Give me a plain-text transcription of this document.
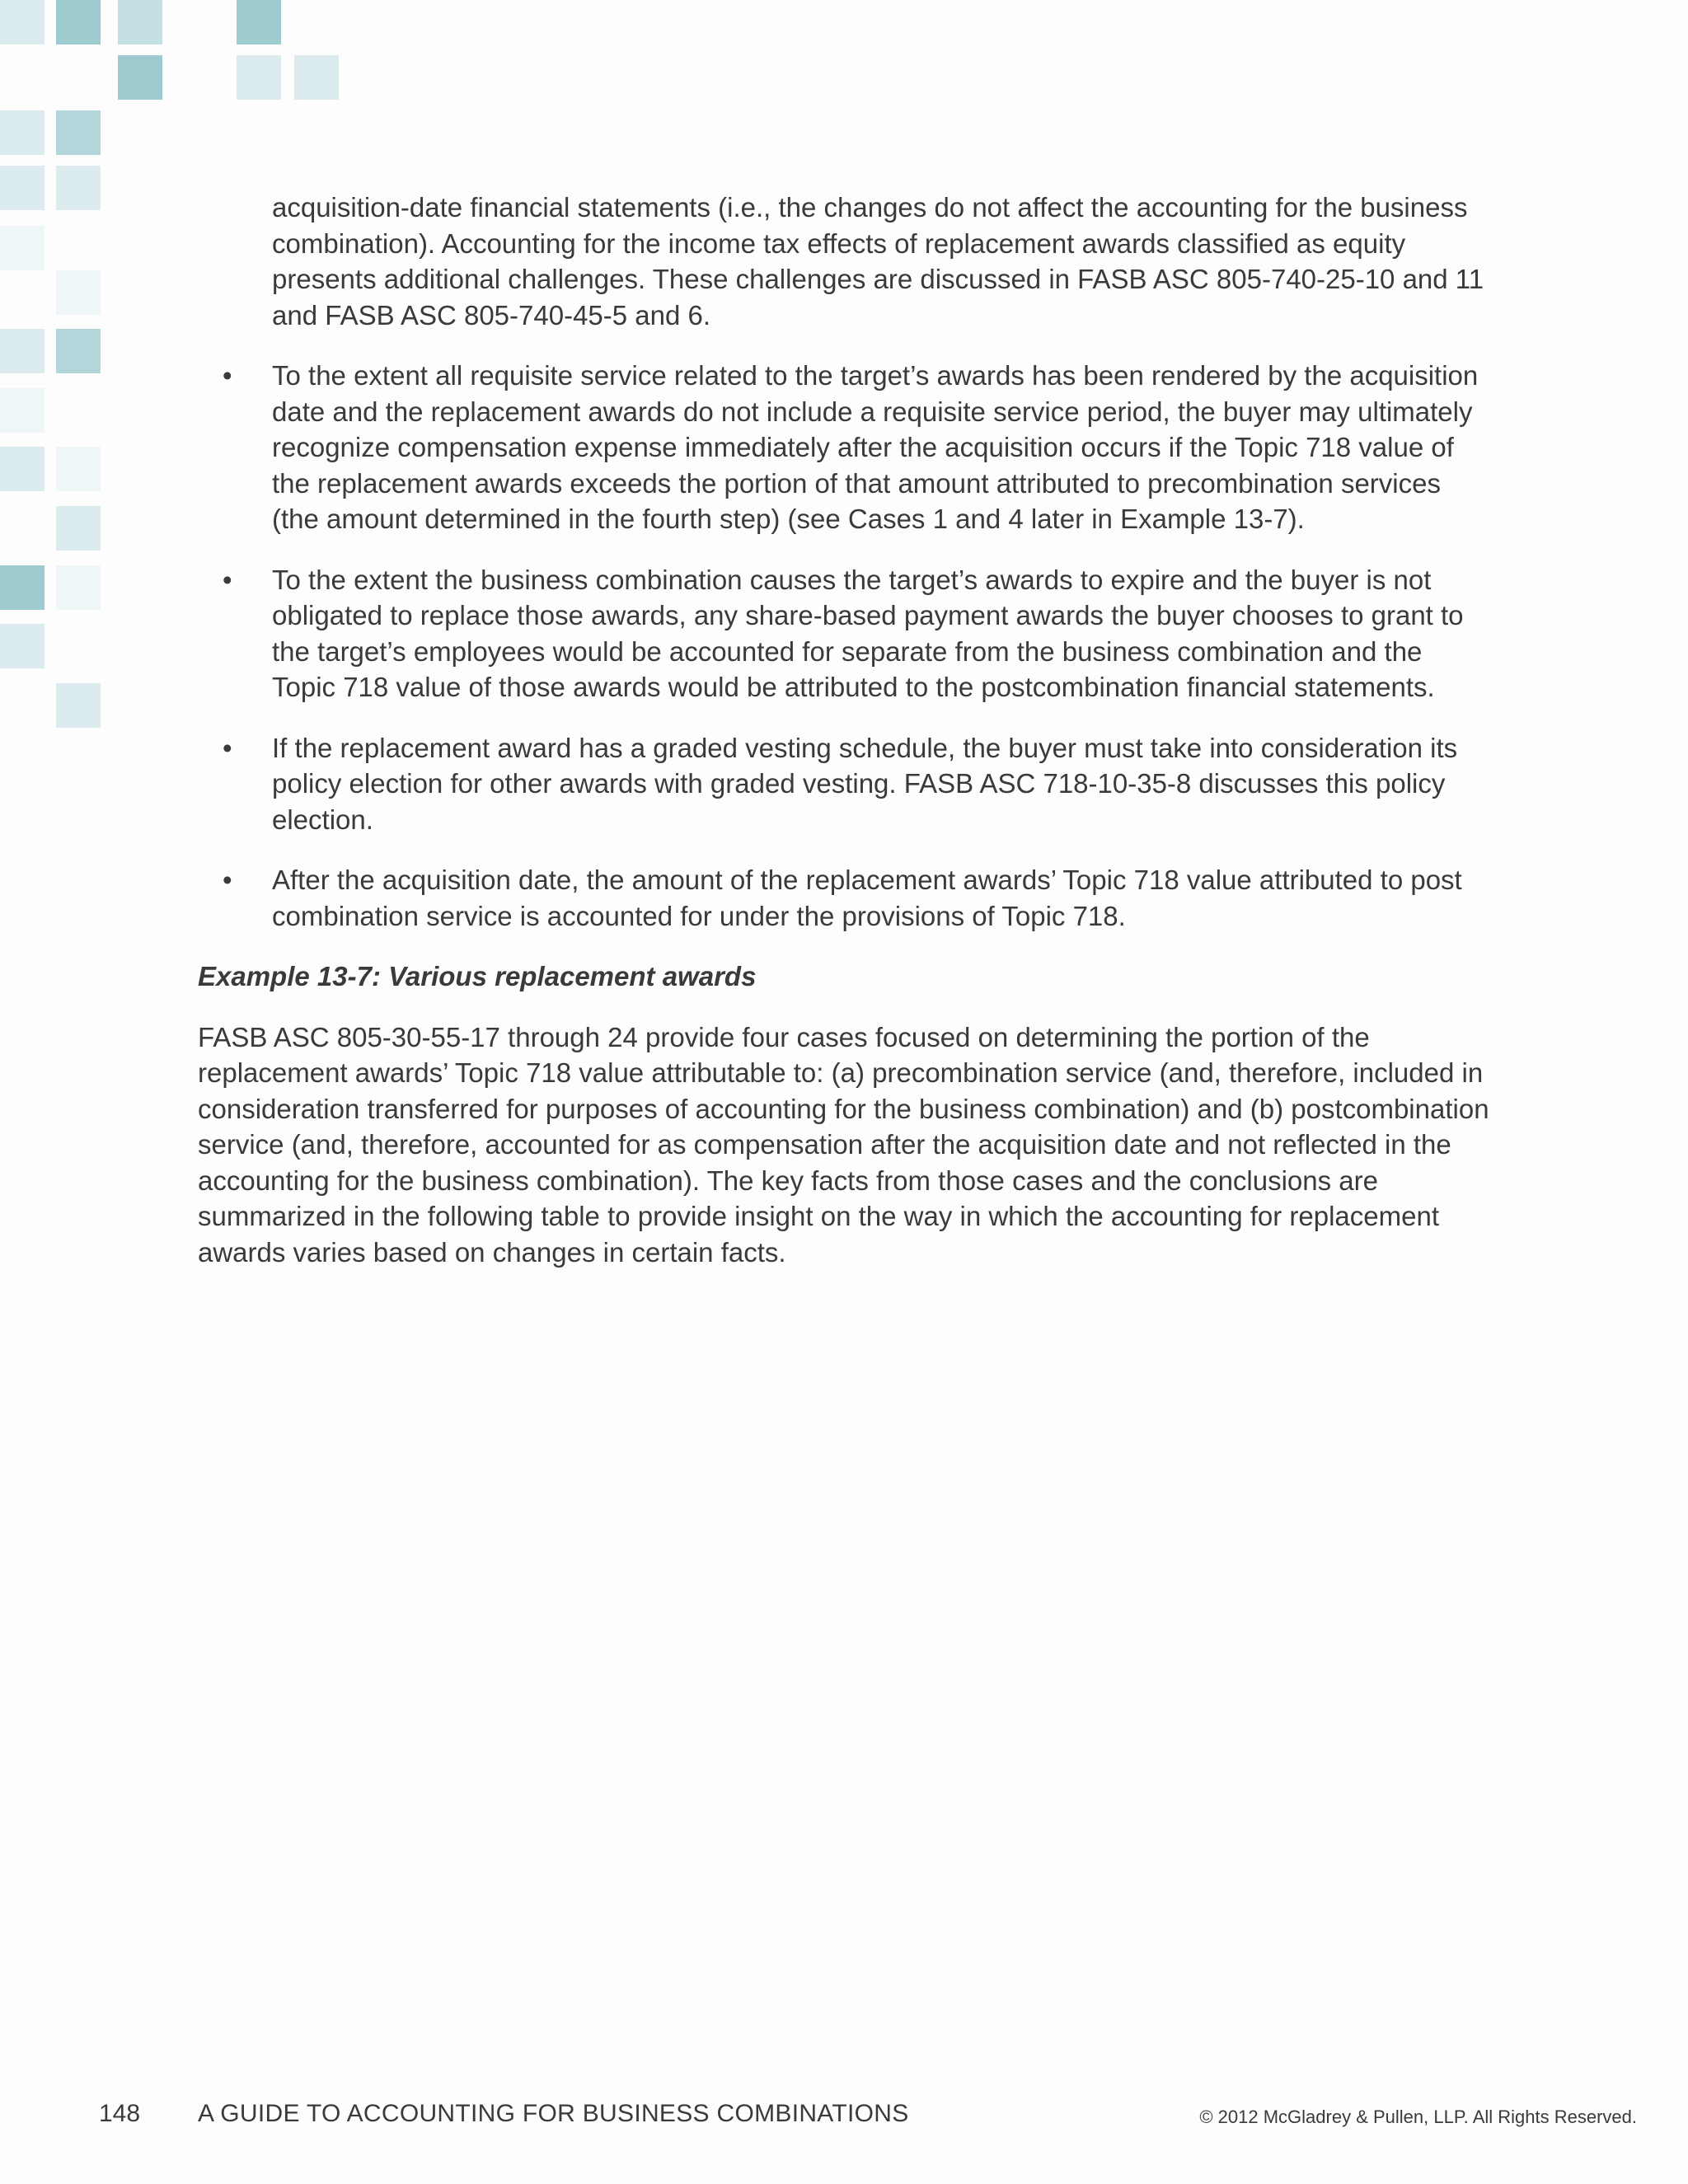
acquisition-date financial statements (i.e., the changes do not affect the accounting for the business combination). Accounting for the income tax effects of replacement awards classified as equity presents additional challenges. These challenges are discussed in FASB ASC 805-740-25-10 and 11 and FASB ASC 805-740-45-5 and 6.

• To the extent all requisite service related to the target’s awards has been rendered by the acquisition date and the replacement awards do not include a requisite service period, the buyer may ultimately recognize compensation expense immediately after the acquisition occurs if the Topic 718 value of the replacement awards exceeds the portion of that amount attributed to precombination services (the amount determined in the fourth step) (see Cases 1 and 4 later in Example 13-7).
• To the extent the business combination causes the target’s awards to expire and the buyer is not obligated to replace those awards, any share-based payment awards the buyer chooses to grant to the target’s employees would be accounted for separate from the business combination and the Topic 718 value of those awards would be attributed to the postcombination financial statements.
• If the replacement award has a graded vesting schedule, the buyer must take into consideration its policy election for other awards with graded vesting. FASB ASC 718-10-35-8 discusses this policy election.
• After the acquisition date, the amount of the replacement awards’ Topic 718 value attributed to post combination service is accounted for under the provisions of Topic 718.

Example 13-7: Various replacement awards

FASB ASC 805-30-55-17 through 24 provide four cases focused on determining the portion of the replacement awards’ Topic 718 value attributable to: (a) precombination service (and, therefore, included in consideration transferred for purposes of accounting for the business combination) and (b) postcombination service (and, therefore, accounted for as compensation after the acquisition date and not reflected in the accounting for the business combination). The key facts from those cases and the conclusions are summarized in the following table to provide insight on the way in which the accounting for replacement awards varies based on changes in certain facts.

148 A GUIDE TO ACCOUNTING FOR BUSINESS COMBINATIONS	© 2012 McGladrey & Pullen, LLP. All Rights Reserved.
